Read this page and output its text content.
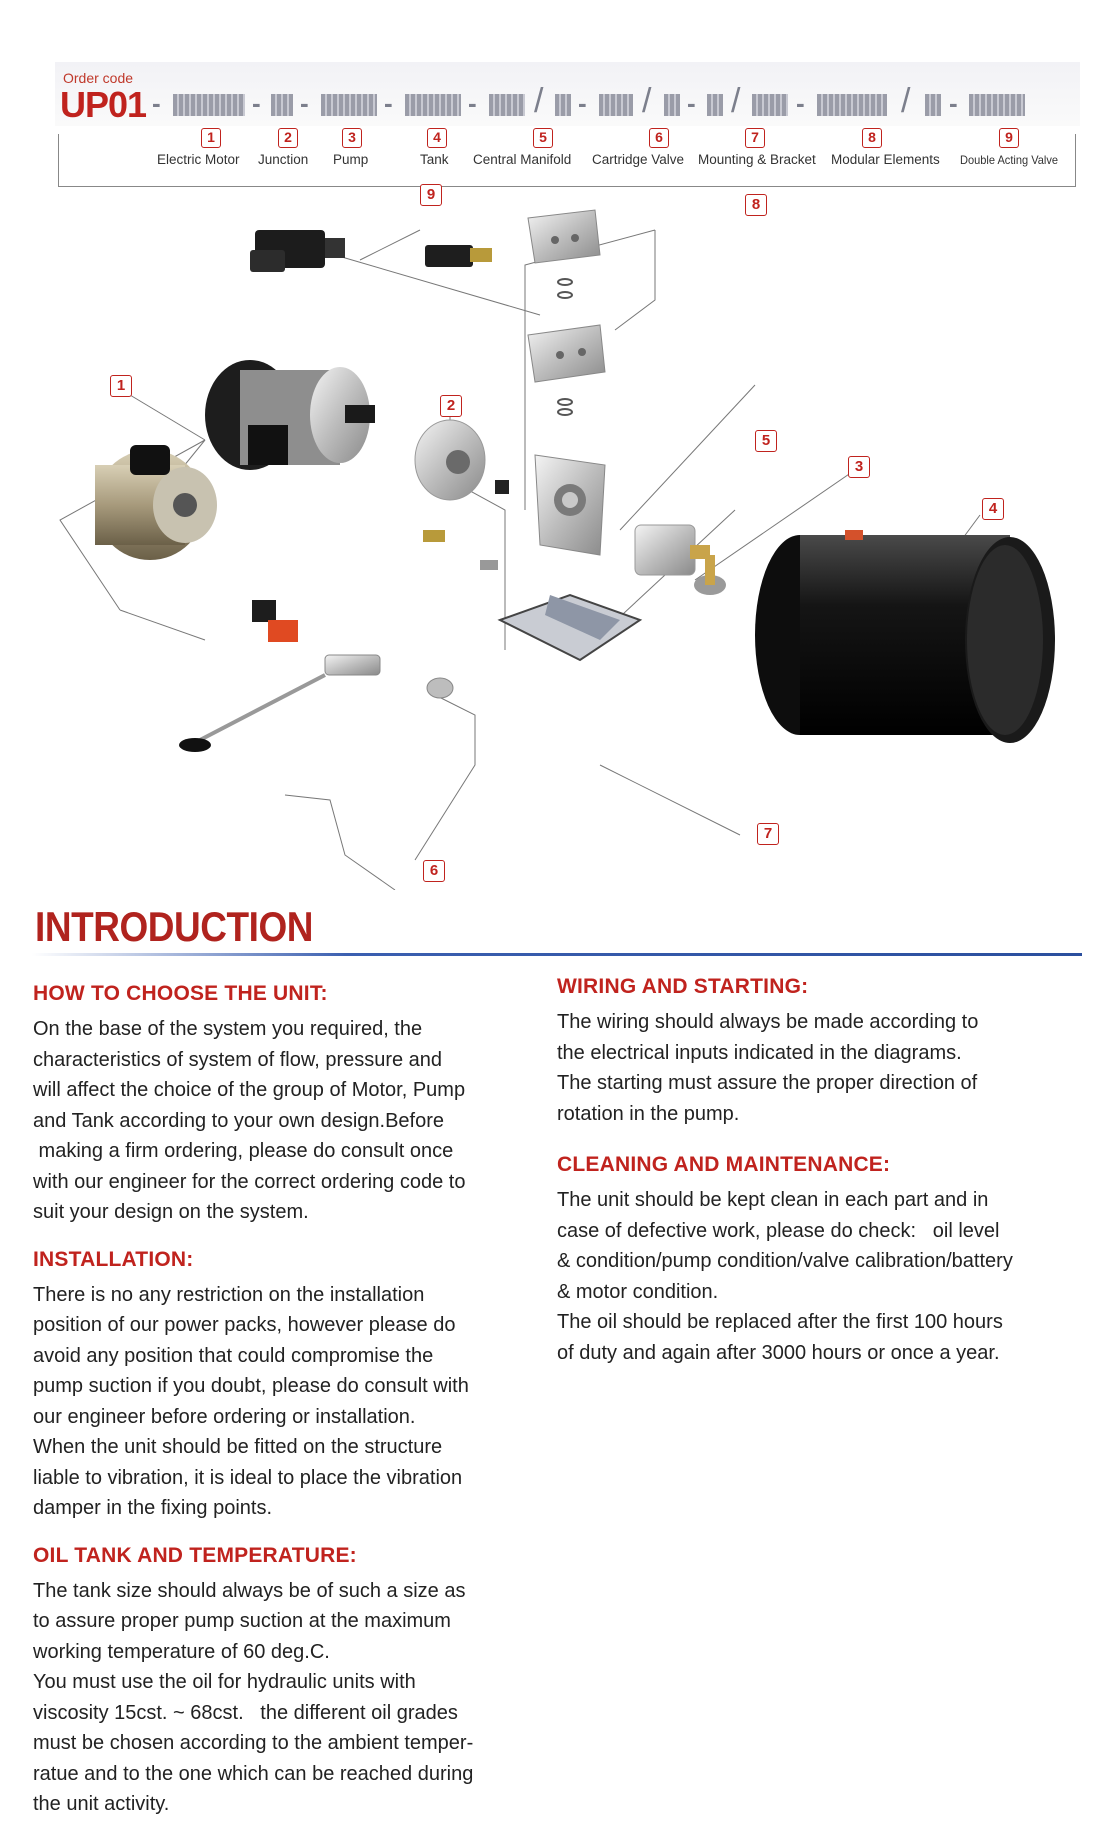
Order code
UP01 -	- -	-	- / - / - / -	/ -
1
Electric Motor
2
Junction
3
Pump
4
Tank
5
Central Manifold
6
Cartridge Valve
7
Mounting & Bracket
8
Modular Elements
9
Double Acting Valve
9
8
1
2
5
3
4
7
6
INTRODUCTION
HOW TO CHOOSE THE UNIT:

On the base of the system you required, the
characteristics of system of flow, pressure and
will affect the choice of the group of Motor, Pump
and Tank according to your own design.Before
making a firm ordering, please do consult once
with our engineer for the correct ordering code to
suit your design on the system.

INSTALLATION:

There is no any restriction on the installation
position of our power packs, however please do
avoid any position that could compromise the
pump suction if you doubt, please do consult with
our engineer before ordering or installation.
When the unit should be fitted on the structure
liable to vibration, it is ideal to place the vibration
damper in the fixing points.

OIL TANK AND TEMPERATURE:

The tank size should always be of such a size as
to assure proper pump suction at the maximum
working temperature of 60 deg.C.
You must use the oil for hydraulic units with
viscosity 15cst. ~ 68cst.   the different oil grades
must be chosen according to the ambient temper-
ratue and to the one which can be reached during
the unit activity.

WIRING AND STARTING:

The wiring should always be made according to
the electrical inputs indicated in the diagrams.
The starting must assure the proper direction of
rotation in the pump.

CLEANING AND MAINTENANCE:

The unit should be kept clean in each part and in
case of defective work, please do check:   oil level
& condition/pump condition/valve calibration/battery
& motor condition.
The oil should be replaced after the first 100 hours
of duty and again after 3000 hours or once a year.
